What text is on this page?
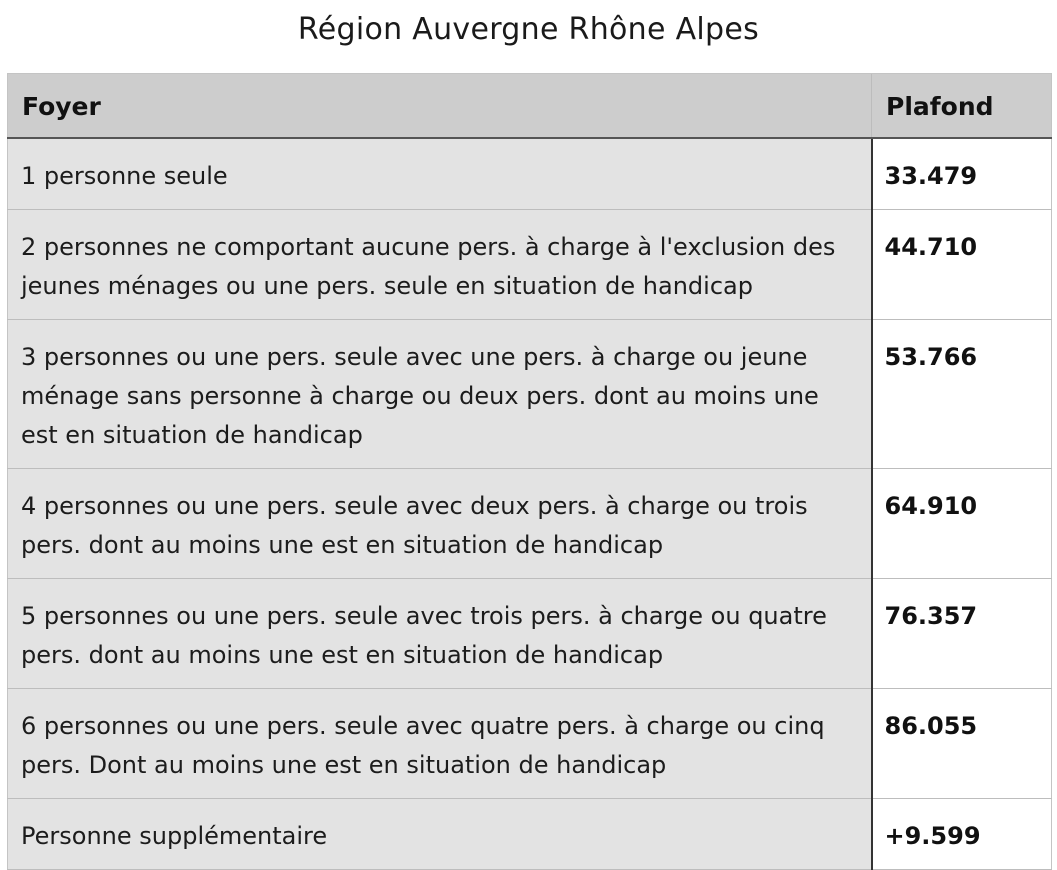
Région Auvergne Rhône Alpes
Foyer	Plafond
1 personne seule	33.479
2 personnes ne comportant aucune pers. à charge à l'exclusion des jeunes ménages ou une pers. seule en situation de handicap	44.710
3 personnes ou une pers. seule avec une pers. à charge ou jeune ménage sans personne à charge ou deux pers. dont au moins une est en situation de handicap	53.766
4 personnes ou une pers. seule avec deux pers. à charge ou trois pers. dont au moins une est en situation de handicap	64.910
5 personnes ou une pers. seule avec trois pers. à charge ou quatre pers. dont au moins une est en situation de handicap	76.357
6 personnes ou une pers. seule avec quatre pers. à charge ou cinq pers. Dont au moins une est en situation de handicap	86.055
Personne supplémentaire	+9.599
